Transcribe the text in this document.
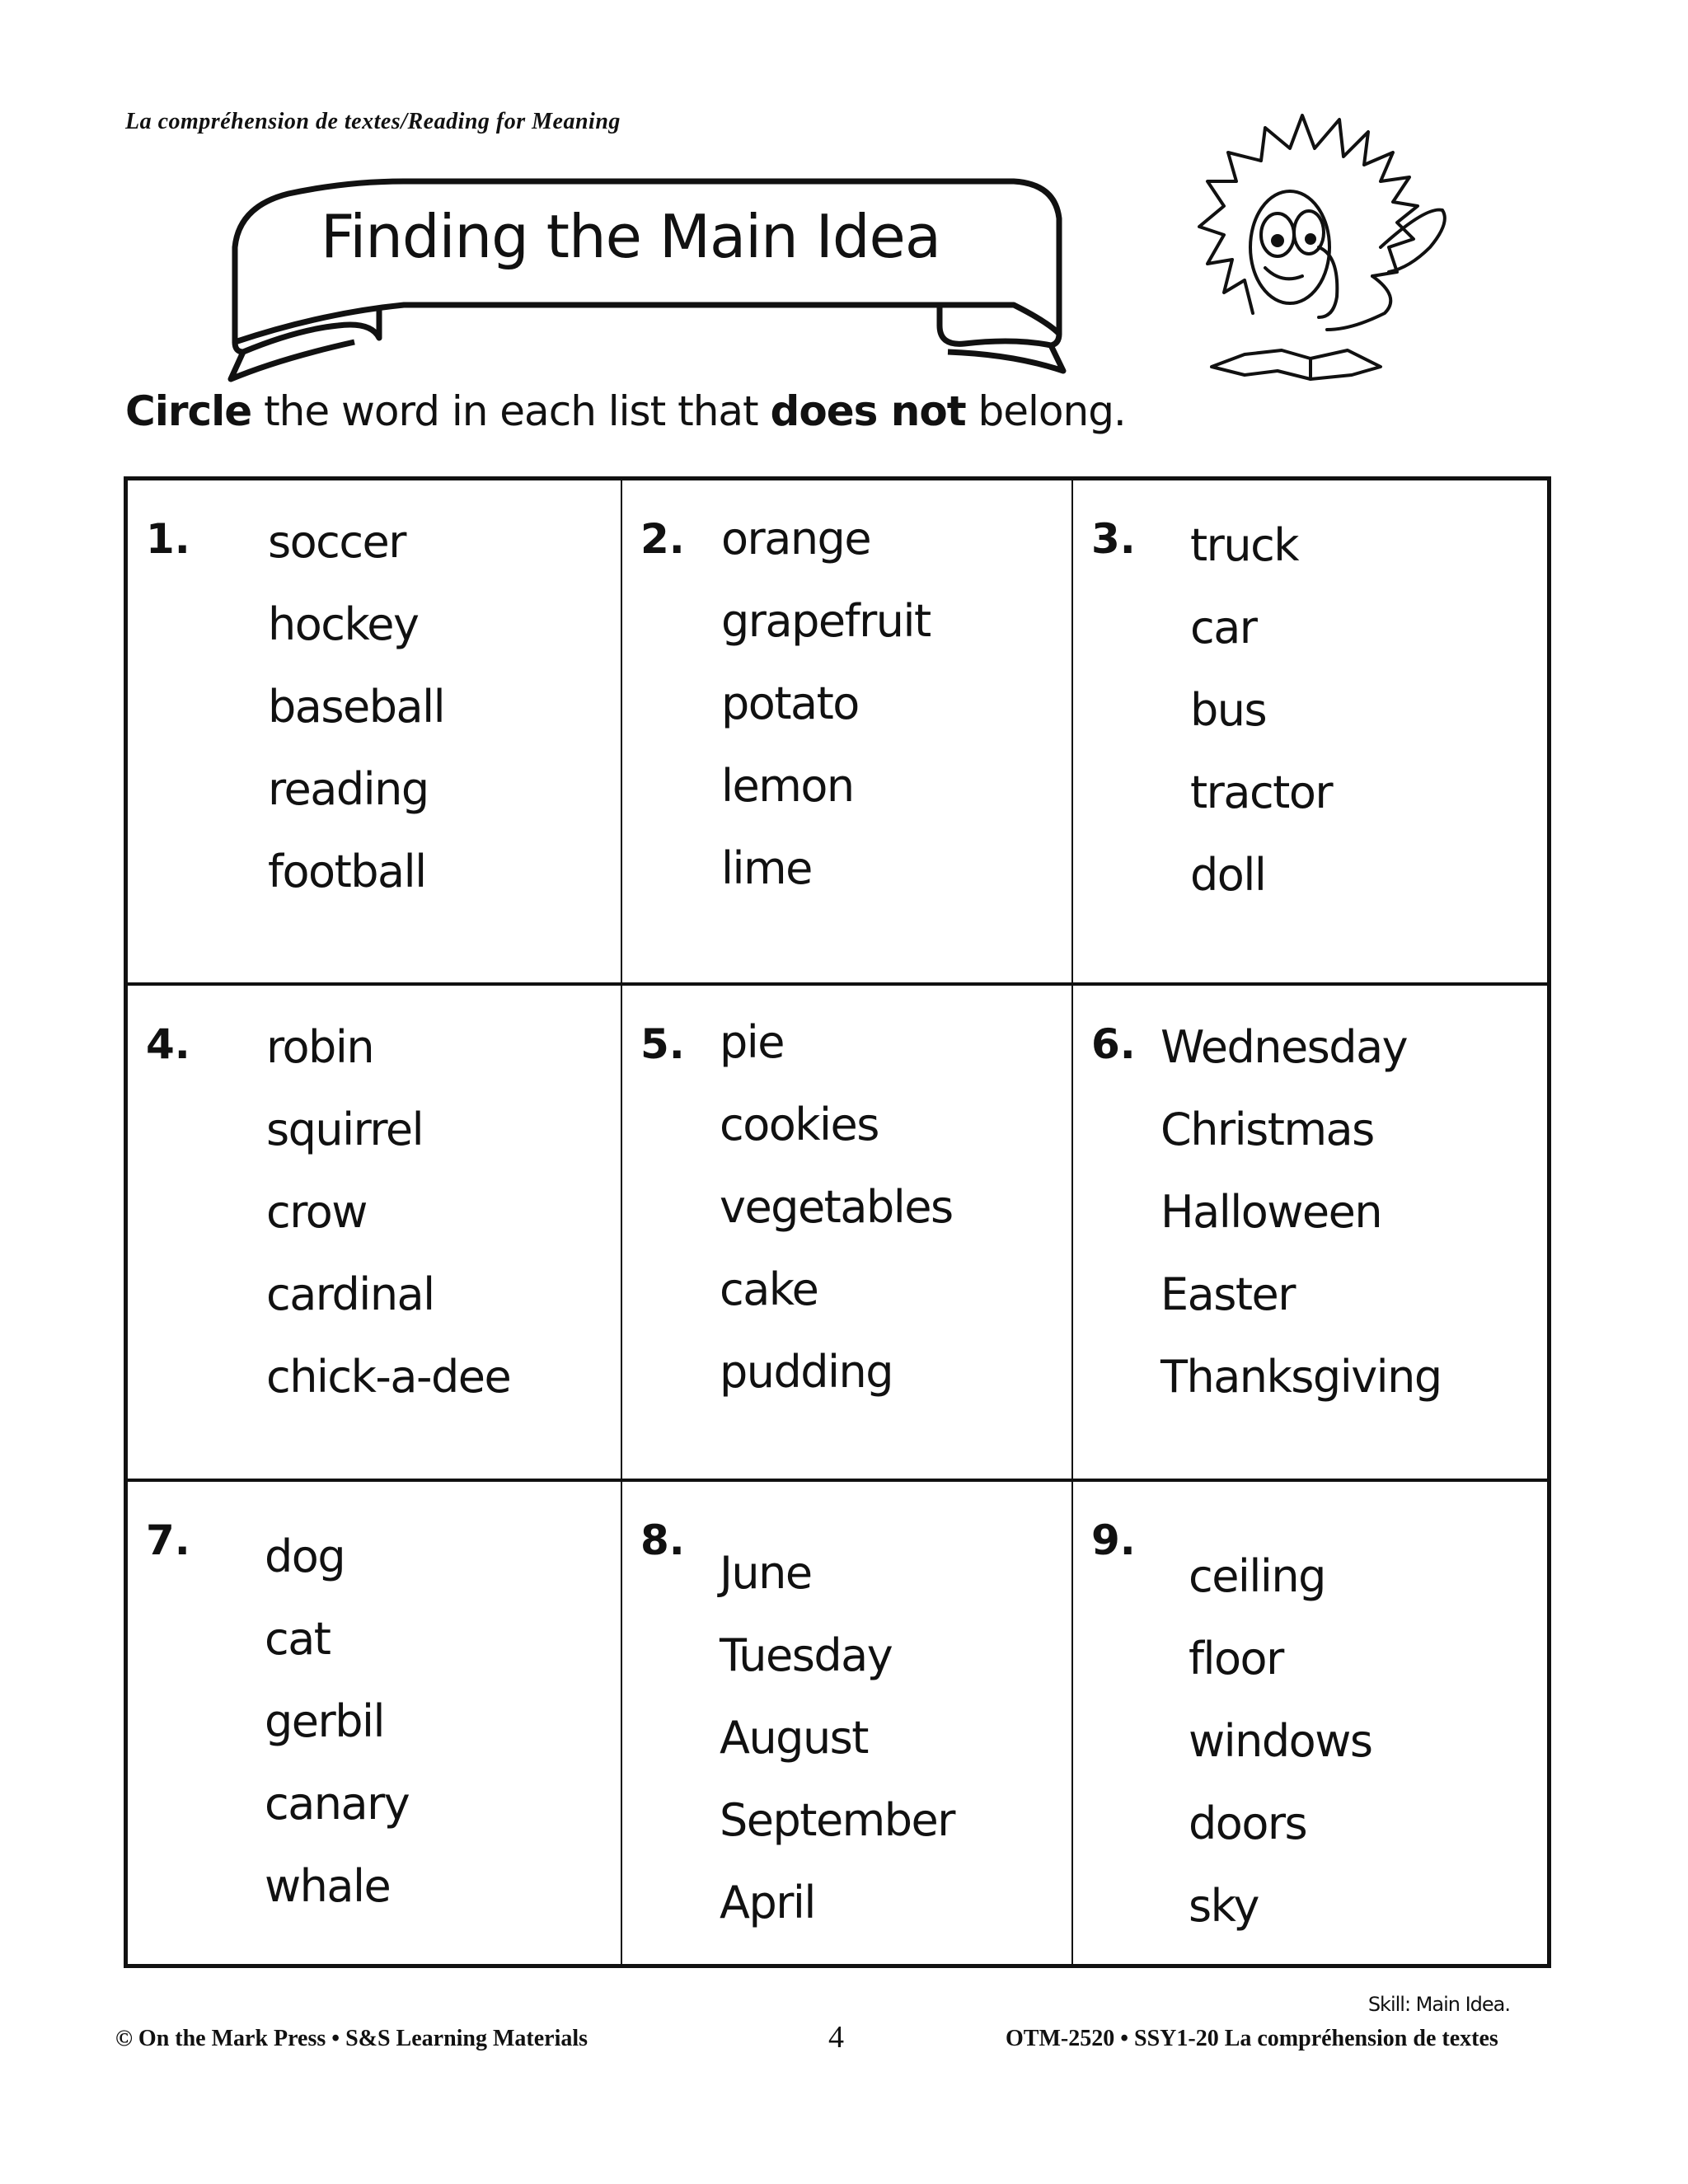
La compréhension de textes/Reading for Meaning
Finding the Main Idea
Circle the word in each list that does not belong.
1. soccer
hockey
baseball
reading
football
2. orange
grapefruit
potato
lemon
lime
3. truck
car
bus
tractor
doll
4. robin
squirrel
crow
cardinal
chick-a-dee
5. pie
cookies
vegetables
cake
pudding
6. Wednesday
Christmas
Halloween
Easter
Thanksgiving
7. dog
cat
gerbil
canary
whale
8.
June
Tuesday
August
September
April
9.
ceiling
floor
windows
doors
sky
Skill: Main Idea.
© On the Mark Press • S&S Learning Materials	4	OTM-2520 • SSY1-20 La compréhension de textes
